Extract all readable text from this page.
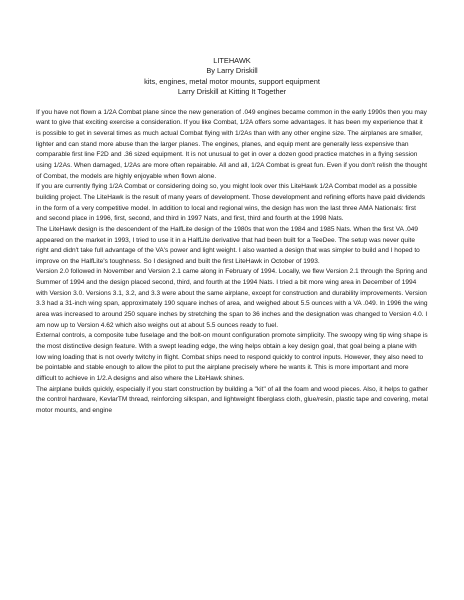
LITEHAWK
By Larry Driskill
kits, engines, metal motor mounts, support equipment
Larry Driskill at Kitting It Together

If you have not flown a 1/2A Combat plane since the new generation of .049 engines became common in the early 1990s then you may want to give that exciting exercise a consideration. If you like Combat, 1/2A offers some advantages. It has been my experience that it is possible to get in several times as much actual Combat flying with 1/2As than with any other engine size. The airplanes are smaller, lighter and can stand more abuse than the larger planes. The engines, planes, and equip ment are generally less expensive than comparable first line F2D and .36 sized equipment. It is not unusual to get in over a dozen good practice matches in a flying session using 1/2As. When damaged, 1/2As are more often repairable. All and all, 1/2A Combat is great fun. Even if you don't relish the thought of Combat, the models are highly enjoyable when flown alone.

If you are currently flying 1/2A Combat or considering doing so, you might look over this LiteHawk 1/2A Combat model as a possible building project. The LiteHawk is the result of many years of development. Those development and refining efforts have paid dividends in the form of a very competitive model. In addition to local and regional wins, the design has won the last three AMA Nationals: first and second place in 1996, first, second, and third in 1997 Nats, and first, third and fourth at the 1998 Nats.

The LiteHawk design is the descendent of the HalfLite design of the 1980s that won the 1984 and 1985 Nats. When the first VA .049 appeared on the market in 1993, I tried to use it in a HalfLite derivative that had been built for a TeeDee. The setup was never quite right and didn't take full advantage of the VA's power and light weight. I also wanted a design that was simpler to build and I hoped to improve on the HalfLite's toughness. So I designed and built the first LiteHawk in October of 1993.

Version 2.0 followed in November and Version 2.1 came along in February of 1994. Locally, we flew Version 2.1 through the Spring and Summer of 1994 and the design placed second, third, and fourth at the 1994 Nats. I tried a bit more wing area in December of 1994 with Version 3.0. Versions 3.1, 3.2, and 3.3 were about the same airplane, except for construction and durability improvements. Version 3.3 had a 31-inch wing span, approximately 190 square inches of area, and weighed about 5.5 ounces with a VA .049. In 1996 the wing area was increased to around 250 square inches by stretching the span to 36 inches and the designation was changed to Version 4.0. I am now up to Version 4.62 which also weighs out at about 5.5 ounces ready to fuel.

External controls, a composite tube fuselage and the bolt-on mount configuration promote simplicity. The swoopy wing tip wing shape is the most distinctive design feature. With a swept leading edge, the wing helps obtain a key design goal, that goal being a plane with low wing loading that is not overly twitchy in flight. Combat ships need to respond quickly to control inputs. However, they also need to be pointable and stable enough to allow the pilot to put the airplane precisely where he wants it. This is more important and more difficult to achieve in 1/2.A designs and also where the LiteHawk shines.

The airplane builds quickly, especially if you start construction by building a "kit" of all the foam and wood pieces. Also, it helps to gather the control hardware, KevlarTM thread, reinforcing silkspan, and lightweight fiberglass cloth, glue/resin, plastic tape and covering, metal motor mounts, and engine
